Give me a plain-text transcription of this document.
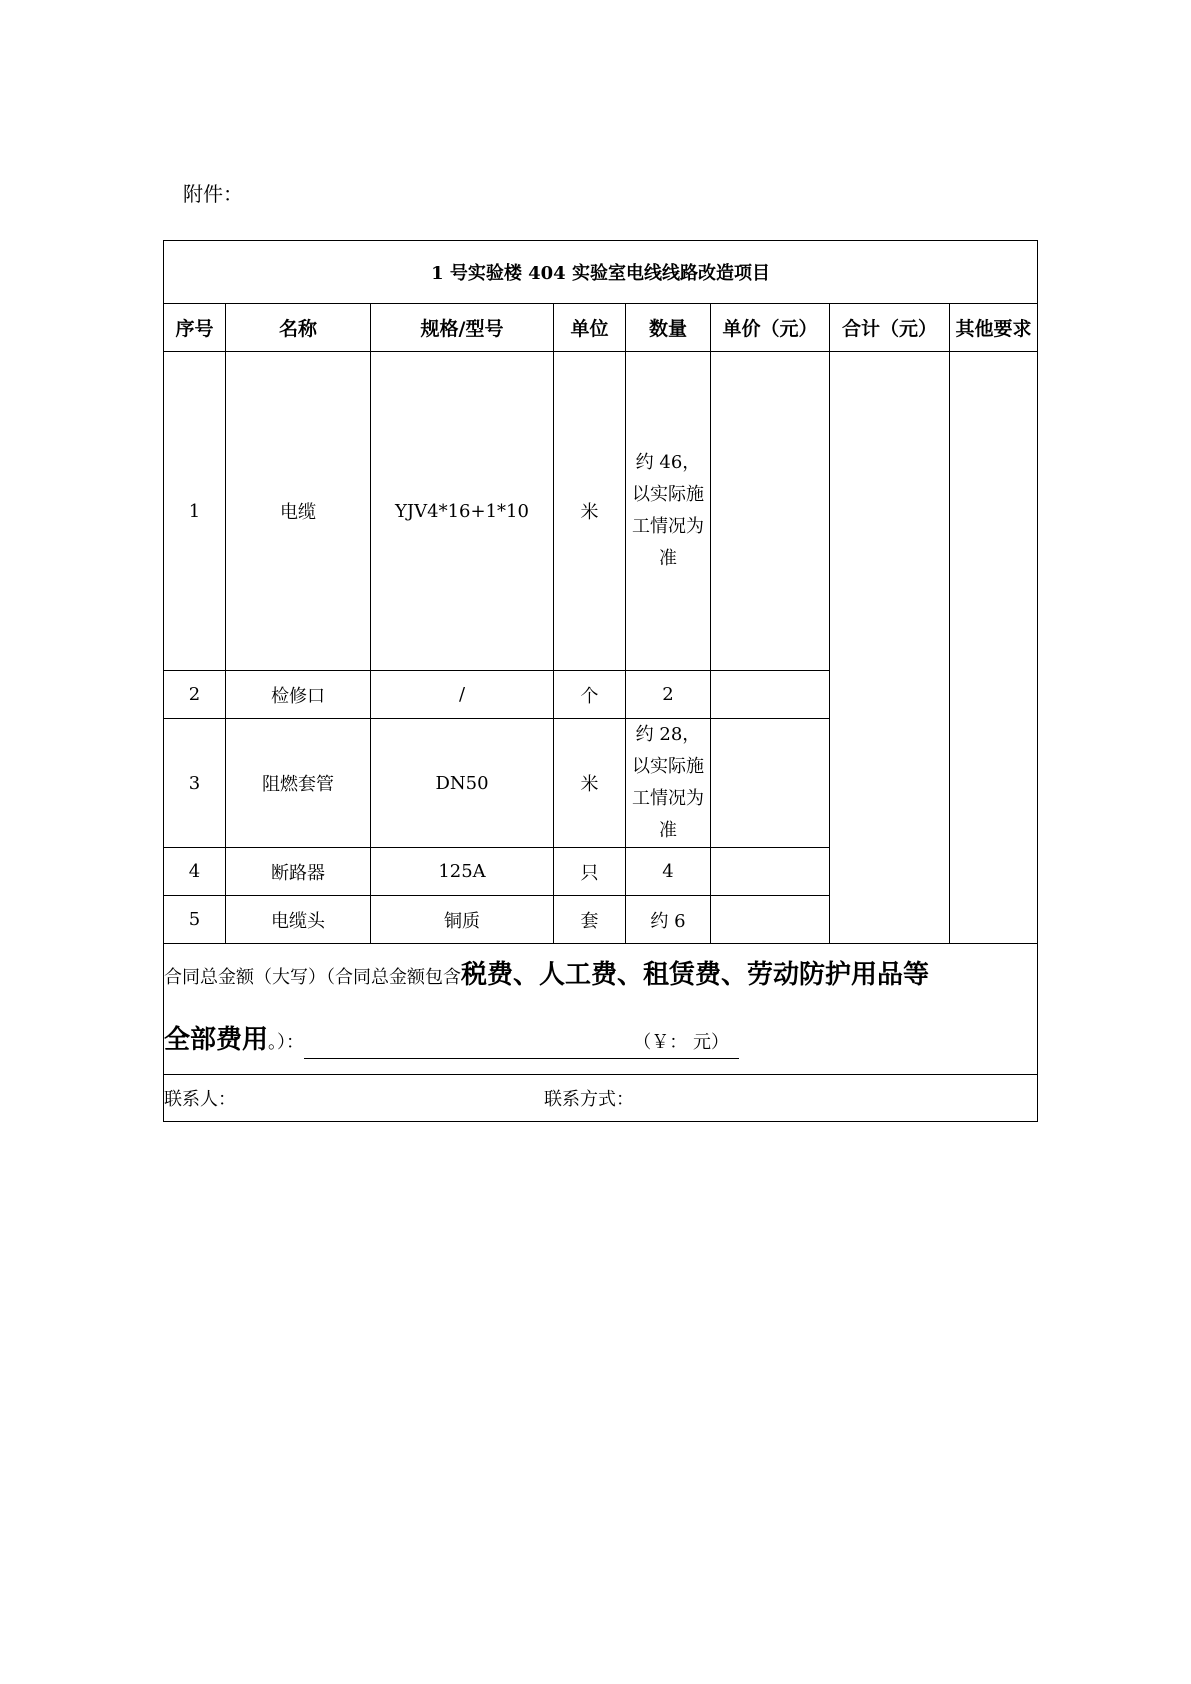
附件：
1 号实验楼 404 实验室电线线路改造项目							
序号	名称	规格/型号	单位	数量	单价（元）	合计（元）	其他要求
1	电缆	YJV4*16+1*10	米	约 46，以实际施工情况为准			
2	检修口	/	个	2			
3	阻燃套管	DN50	米	约 28，以实际施工情况为准			
4	断路器	125A	只	4			
5	电缆头	铜质	套	约 6			

合同总金额（大写）（合同总金额包含税费、人工费、租赁费、劳动防护用品等
全部费用。）： （￥： 元）							

联系人： 联系方式：							
